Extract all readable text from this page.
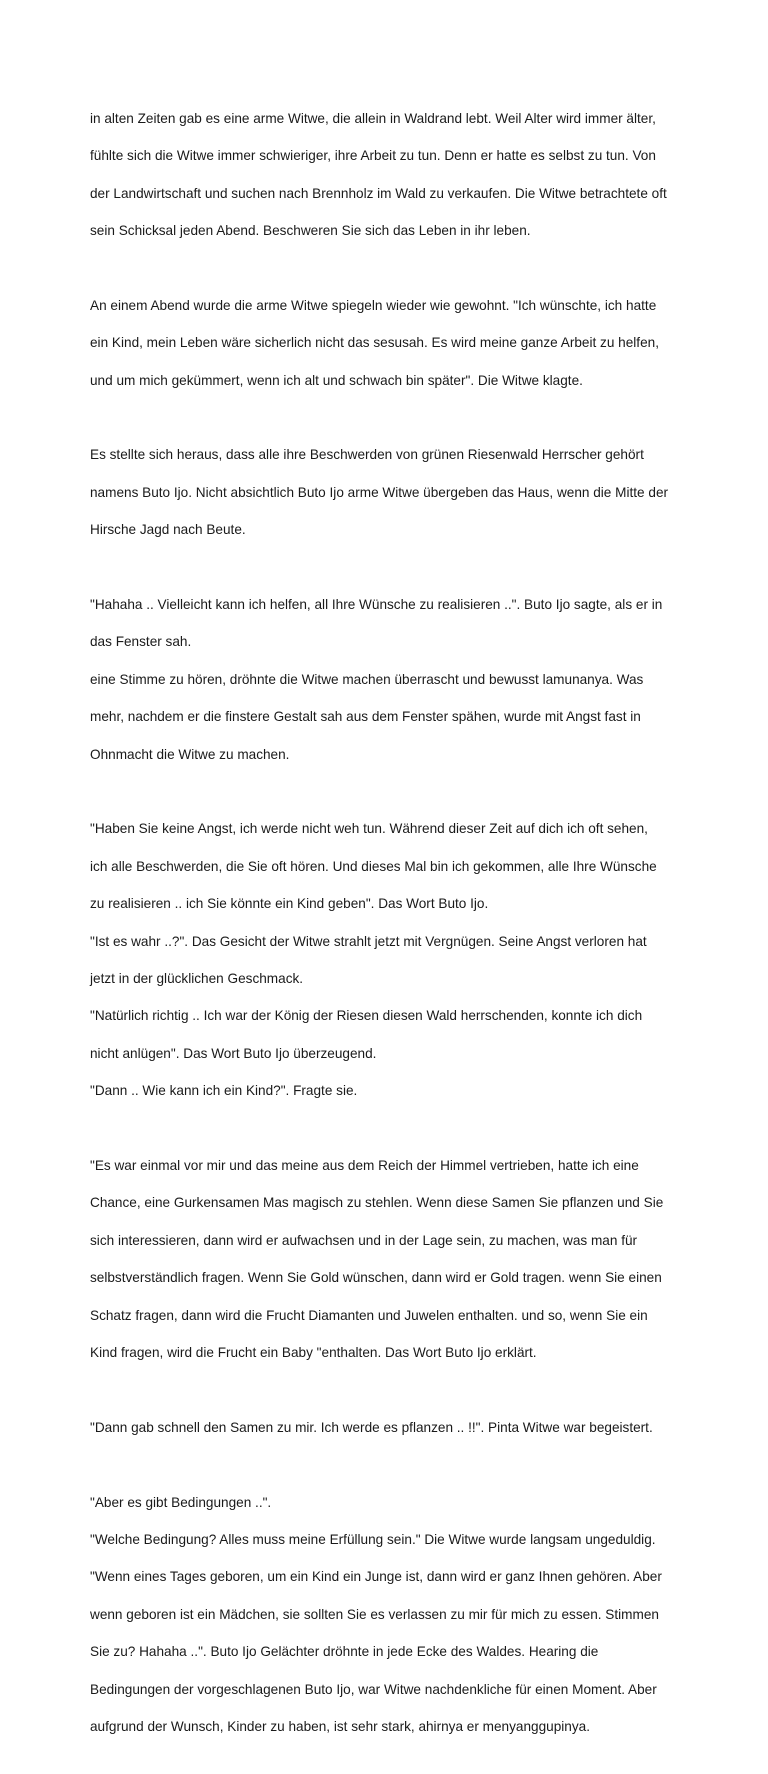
in alten Zeiten gab es eine arme Witwe, die allein in Waldrand lebt. Weil Alter wird immer älter,

fühlte sich die Witwe immer schwieriger, ihre Arbeit zu tun. Denn er hatte es selbst zu tun. Von

der Landwirtschaft und suchen nach Brennholz im Wald zu verkaufen. Die Witwe betrachtete oft

sein Schicksal jeden Abend. Beschweren Sie sich das Leben in ihr leben.

An einem Abend wurde die arme Witwe spiegeln wieder wie gewohnt. "Ich wünschte, ich hatte

ein Kind, mein Leben wäre sicherlich nicht das sesusah. Es wird meine ganze Arbeit zu helfen,

und um mich gekümmert, wenn ich alt und schwach bin später". Die Witwe klagte.

Es stellte sich heraus, dass alle ihre Beschwerden von grünen Riesenwald Herrscher gehört

namens Buto Ijo. Nicht absichtlich Buto Ijo arme Witwe übergeben das Haus, wenn die Mitte der

Hirsche Jagd nach Beute.

"Hahaha .. Vielleicht kann ich helfen, all Ihre Wünsche zu realisieren ..". Buto Ijo sagte, als er in

das Fenster sah.

eine Stimme zu hören, dröhnte die Witwe machen überrascht und bewusst lamunanya. Was

mehr, nachdem er die finstere Gestalt sah aus dem Fenster spähen, wurde mit Angst fast in

Ohnmacht die Witwe zu machen.

"Haben Sie keine Angst, ich werde nicht weh tun. Während dieser Zeit auf dich ich oft sehen,

ich alle Beschwerden, die Sie oft hören. Und dieses Mal bin ich gekommen, alle Ihre Wünsche

zu realisieren .. ich Sie könnte ein Kind geben". Das Wort Buto Ijo.

"Ist es wahr ..?". Das Gesicht der Witwe strahlt jetzt mit Vergnügen. Seine Angst verloren hat

jetzt in der glücklichen Geschmack.

"Natürlich richtig .. Ich war der König der Riesen diesen Wald herrschenden, konnte ich dich

nicht anlügen". Das Wort Buto Ijo überzeugend.

"Dann .. Wie kann ich ein Kind?". Fragte sie.

"Es war einmal vor mir und das meine aus dem Reich der Himmel vertrieben, hatte ich eine

Chance, eine Gurkensamen Mas magisch zu stehlen. Wenn diese Samen Sie pflanzen und Sie

sich interessieren, dann wird er aufwachsen und in der Lage sein, zu machen, was man für

selbstverständlich fragen. Wenn Sie Gold wünschen, dann wird er Gold tragen. wenn Sie einen

Schatz fragen, dann wird die Frucht Diamanten und Juwelen enthalten. und so, wenn Sie ein

Kind fragen, wird die Frucht ein Baby "enthalten. Das Wort Buto Ijo erklärt.

"Dann gab schnell den Samen zu mir. Ich werde es pflanzen .. !!". Pinta Witwe war begeistert.

"Aber es gibt Bedingungen ..".

"Welche Bedingung? Alles muss meine Erfüllung sein." Die Witwe wurde langsam ungeduldig.

"Wenn eines Tages geboren, um ein Kind ein Junge ist, dann wird er ganz Ihnen gehören. Aber

wenn geboren ist ein Mädchen, sie sollten Sie es verlassen zu mir für mich zu essen. Stimmen

Sie zu? Hahaha ..". Buto Ijo Gelächter dröhnte in jede Ecke des Waldes. Hearing die

Bedingungen der vorgeschlagenen Buto Ijo, war Witwe nachdenkliche für einen Moment. Aber

aufgrund der Wunsch, Kinder zu haben, ist sehr stark, ahirnya er menyanggupinya.
